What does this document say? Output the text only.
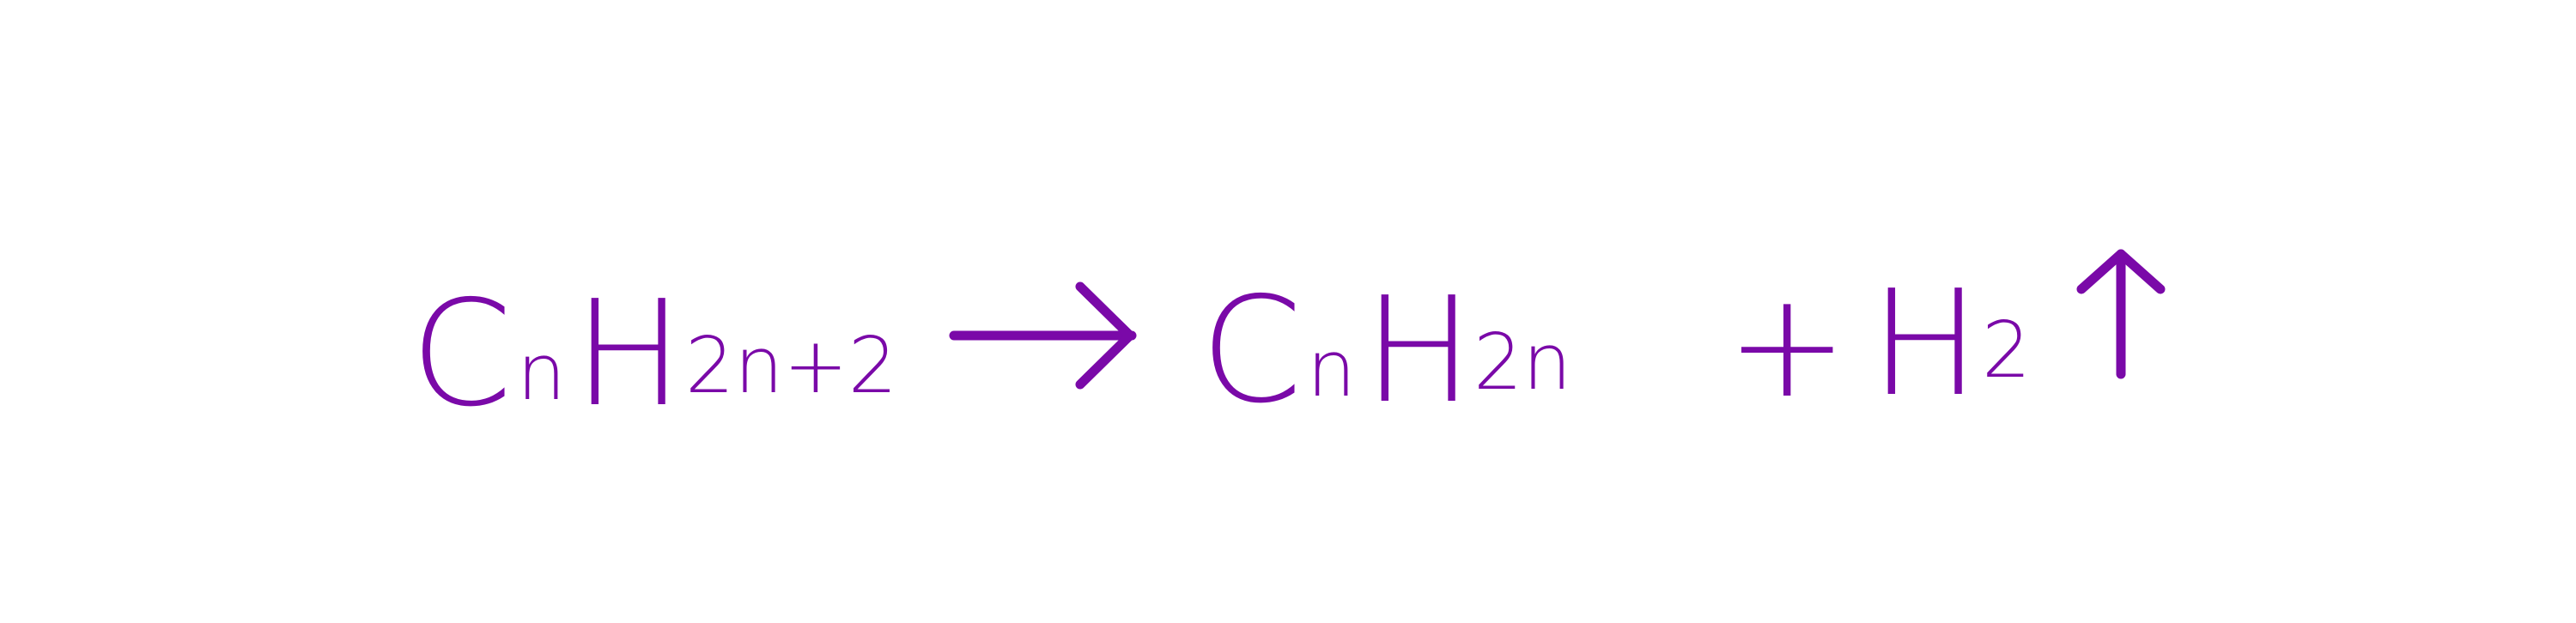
C n H 2n+2 C n H 2n + H 2
